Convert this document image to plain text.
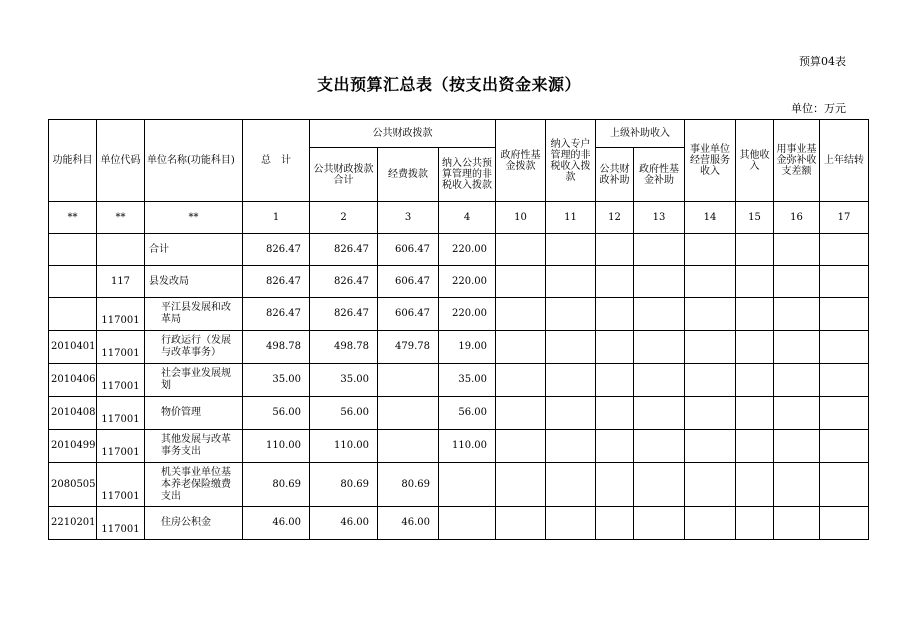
预算04表
支出预算汇总表（按支出资金来源）
单位：万元
功能科目	单位代码	单位名称(功能科目)	总　计	公共财政拨款			政府性基金拨款	纳入专户管理的非税收入拨款	上级补助收入		事业单位经营服务收入	其他收入	用事业基金弥补收支差额	上年结转
				公共财政拨款合计	经费拨款	纳入公共预算管理的非税收入拨款			公共财政补助	政府性基金补助				
**	**	**	1	2	3	4	10	11	12	13	14	15	16	17
		合计	826.47	826.47	606.47	220.00								
	117	县发改局	826.47	826.47	606.47	220.00								
	117001	平江县发展和改革局	826.47	826.47	606.47	220.00								
2010401	117001	行政运行（发展与改革事务）	498.78	498.78	479.78	19.00								
2010406	117001	社会事业发展规划	35.00	35.00		35.00								
2010408	117001	物价管理	56.00	56.00		56.00								
2010499	117001	其他发展与改革事务支出	110.00	110.00		110.00								
2080505	117001	机关事业单位基本养老保险缴费支出	80.69	80.69	80.69									
2210201	117001	住房公积金	46.00	46.00	46.00									
